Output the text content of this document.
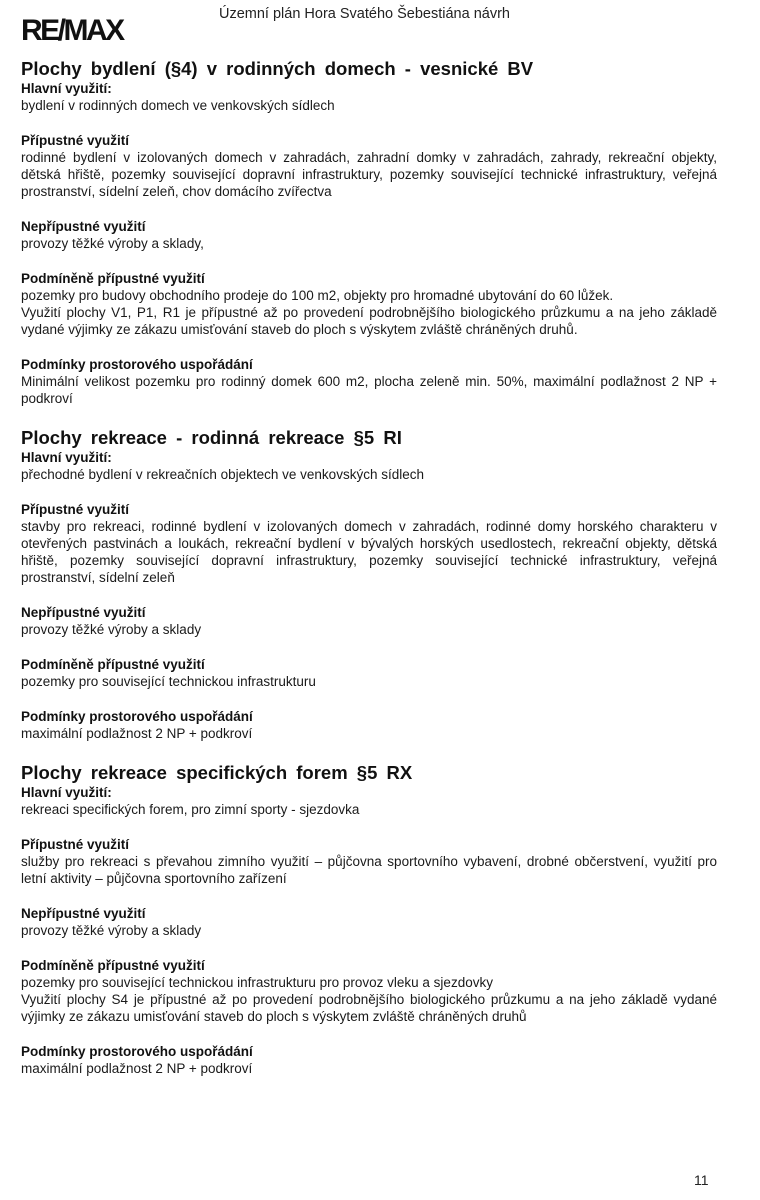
RE/MAX	Územní plán Hora Svatého Šebestiána návrh
Plochy bydlení (§4) v rodinných domech - vesnické BV
Hlavní využití:

bydlení v rodinných domech ve venkovských sídlech

Přípustné využití

rodinné bydlení v izolovaných domech v zahradách, zahradní domky v zahradách, zahrady, rekreační objekty, dětská hřiště, pozemky související dopravní infrastruktury, pozemky související technické infrastruktury, veřejná prostranství, sídelní zeleň, chov domácího zvířectva

Nepřípustné využití

provozy těžké výroby a sklady,

Podmíněně přípustné využití

pozemky pro budovy obchodního prodeje do 100 m2, objekty pro hromadné ubytování do 60 lůžek.

Využití plochy V1, P1, R1 je přípustné až po provedení podrobnějšího biologického průzkumu a na jeho základě vydané výjimky ze zákazu umisťování staveb do ploch s výskytem zvláště chráněných druhů.

Podmínky prostorového uspořádání

Minimální velikost pozemku pro rodinný domek 600 m2, plocha zeleně min. 50%, maximální podlažnost 2 NP + podkroví

Plochy rekreace - rodinná rekreace §5 RI
Hlavní využití:

přechodné bydlení v rekreačních objektech ve venkovských sídlech

Přípustné využití

stavby pro rekreaci, rodinné bydlení v izolovaných domech v zahradách, rodinné domy horského charakteru v otevřených pastvinách a loukách, rekreační bydlení v bývalých horských usedlostech, rekreační objekty, dětská hřiště, pozemky související dopravní infrastruktury, pozemky související technické infrastruktury, veřejná prostranství, sídelní zeleň

Nepřípustné využití

provozy těžké výroby a sklady

Podmíněně přípustné využití

pozemky pro související technickou infrastrukturu

Podmínky prostorového uspořádání

maximální podlažnost 2 NP + podkroví

Plochy rekreace specifických forem §5 RX
Hlavní využití:

rekreaci specifických forem, pro zimní sporty - sjezdovka

Přípustné využití

služby pro rekreaci s převahou zimního využití – půjčovna sportovního vybavení, drobné občerstvení, využití pro letní aktivity – půjčovna sportovního zařízení

Nepřípustné využití

provozy těžké výroby a sklady

Podmíněně přípustné využití

pozemky pro související technickou infrastrukturu pro provoz vleku a sjezdovky

Využití plochy S4 je přípustné až po provedení podrobnějšího biologického průzkumu a na jeho základě vydané výjimky ze zákazu umisťování staveb do ploch s výskytem zvláště chráněných druhů

Podmínky prostorového uspořádání

maximální podlažnost 2 NP + podkroví

11
